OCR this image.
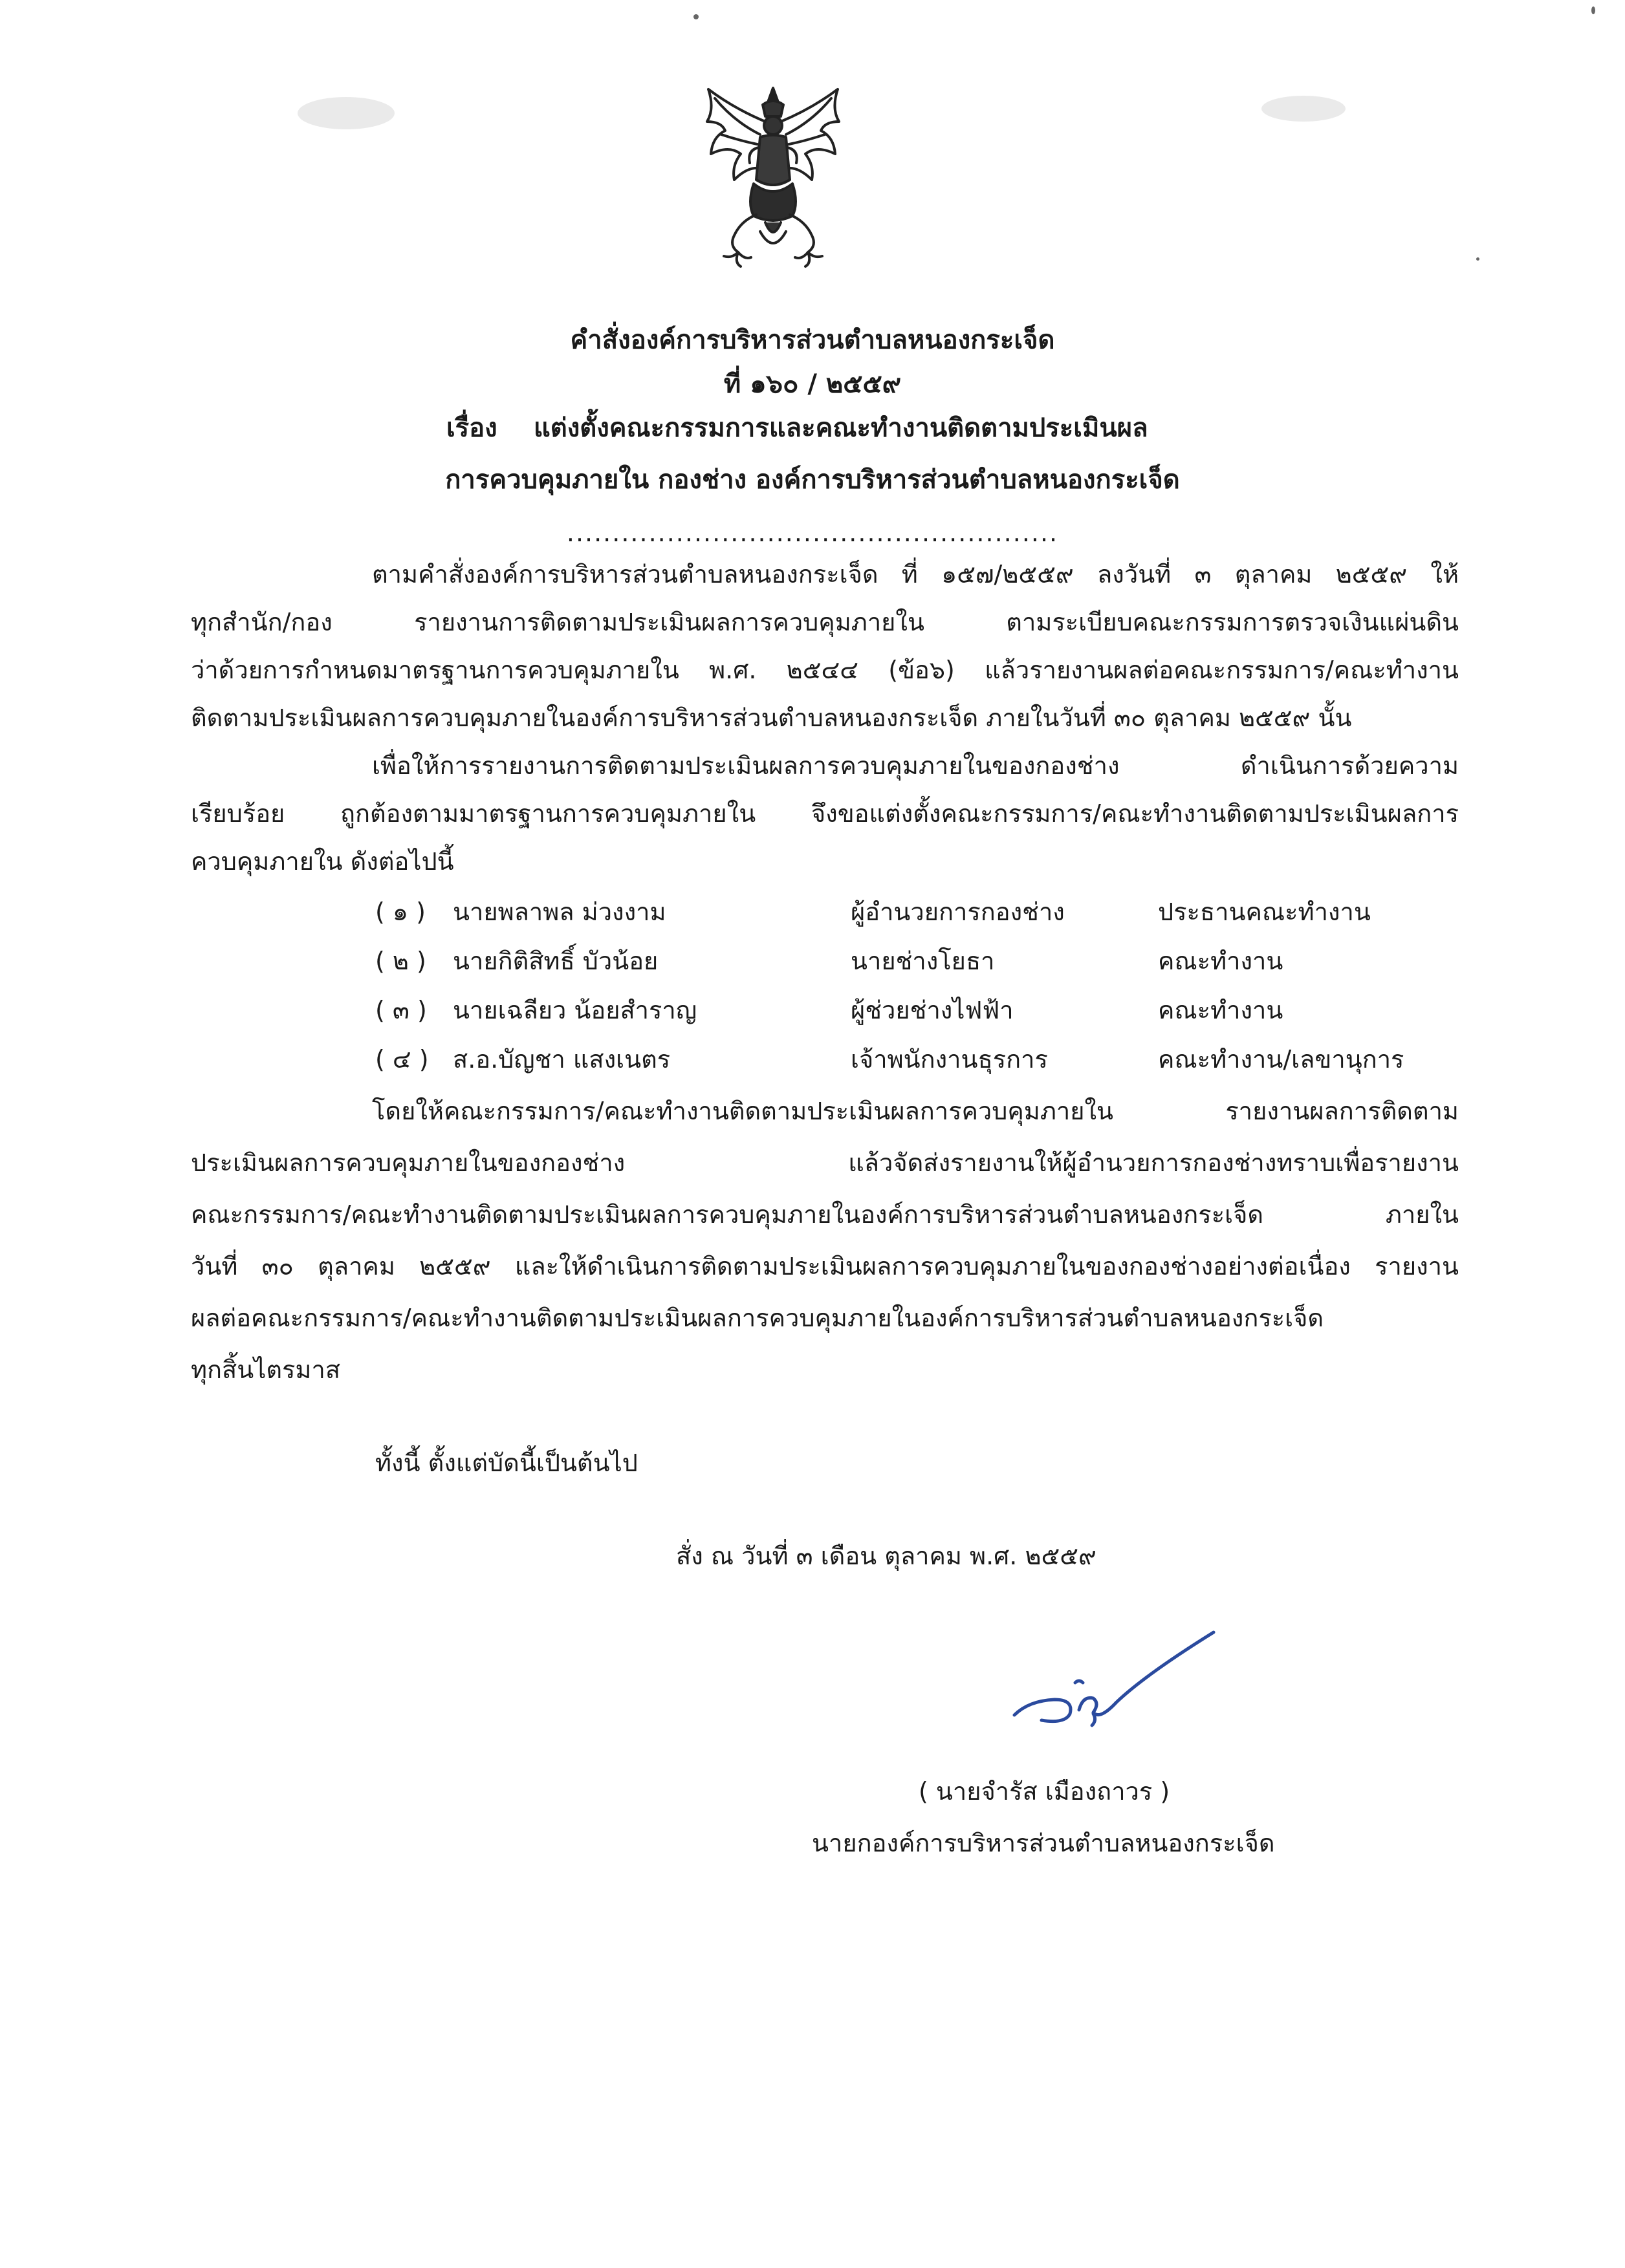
คำสั่งองค์การบริหารส่วนตำบลหนองกระเจ็ด
ที่ ๑๖๐ / ๒๕๕๙
เรื่อง แต่งตั้งคณะกรรมการและคณะทำงานติดตามประเมินผล
การควบคุมภายใน กองช่าง องค์การบริหารส่วนตำบลหนองกระเจ็ด
......................................................
ตามคำสั่งองค์การบริหารส่วนตำบลหนองกระเจ็ด ที่ ๑๕๗/๒๕๕๙ ลงวันที่ ๓ ตุลาคม ๒๕๕๙ ให้
ทุกสำนัก/กอง รายงานการติดตามประเมินผลการควบคุมภายใน ตามระเบียบคณะกรรมการตรวจเงินแผ่นดิน
ว่าด้วยการกำหนดมาตรฐานการควบคุมภายใน พ.ศ. ๒๕๔๔ (ข้อ๖) แล้วรายงานผลต่อคณะกรรมการ/คณะทำงาน
ติดตามประเมินผลการควบคุมภายในองค์การบริหารส่วนตำบลหนองกระเจ็ด ภายในวันที่ ๓๐ ตุลาคม ๒๕๕๙ นั้น
เพื่อให้การรายงานการติดตามประเมินผลการควบคุมภายในของกองช่าง ดำเนินการด้วยความ
เรียบร้อย ถูกต้องตามมาตรฐานการควบคุมภายใน จึงขอแต่งตั้งคณะกรรมการ/คณะทำงานติดตามประเมินผลการ
ควบคุมภายใน ดังต่อไปนี้
( ๑ ) นายพลาพล ม่วงงาม	ผู้อำนวยการกองช่าง	ประธานคณะทำงาน
( ๒ ) นายกิติสิทธิ์ บัวน้อย	นายช่างโยธา	คณะทำงาน
( ๓ ) นายเฉลียว น้อยสำราญ	ผู้ช่วยช่างไฟฟ้า	คณะทำงาน
( ๔ ) ส.อ.บัญชา แสงเนตร	เจ้าพนักงานธุรการ	คณะทำงาน/เลขานุการ
โดยให้คณะกรรมการ/คณะทำงานติดตามประเมินผลการควบคุมภายใน รายงานผลการติดตาม
ประเมินผลการควบคุมภายในของกองช่าง แล้วจัดส่งรายงานให้ผู้อำนวยการกองช่างทราบเพื่อรายงาน
คณะกรรมการ/คณะทำงานติดตามประเมินผลการควบคุมภายในองค์การบริหารส่วนตำบลหนองกระเจ็ด ภายใน
วันที่ ๓๐ ตุลาคม ๒๕๕๙ และให้ดำเนินการติดตามประเมินผลการควบคุมภายในของกองช่างอย่างต่อเนื่อง รายงาน
ผลต่อคณะกรรมการ/คณะทำงานติดตามประเมินผลการควบคุมภายในองค์การบริหารส่วนตำบลหนองกระเจ็ด
ทุกสิ้นไตรมาส
ทั้งนี้ ตั้งแต่บัดนี้เป็นต้นไป
สั่ง ณ วันที่ ๓ เดือน ตุลาคม พ.ศ. ๒๕๕๙
( นายจำรัส เมืองถาวร )
นายกองค์การบริหารส่วนตำบลหนองกระเจ็ด
